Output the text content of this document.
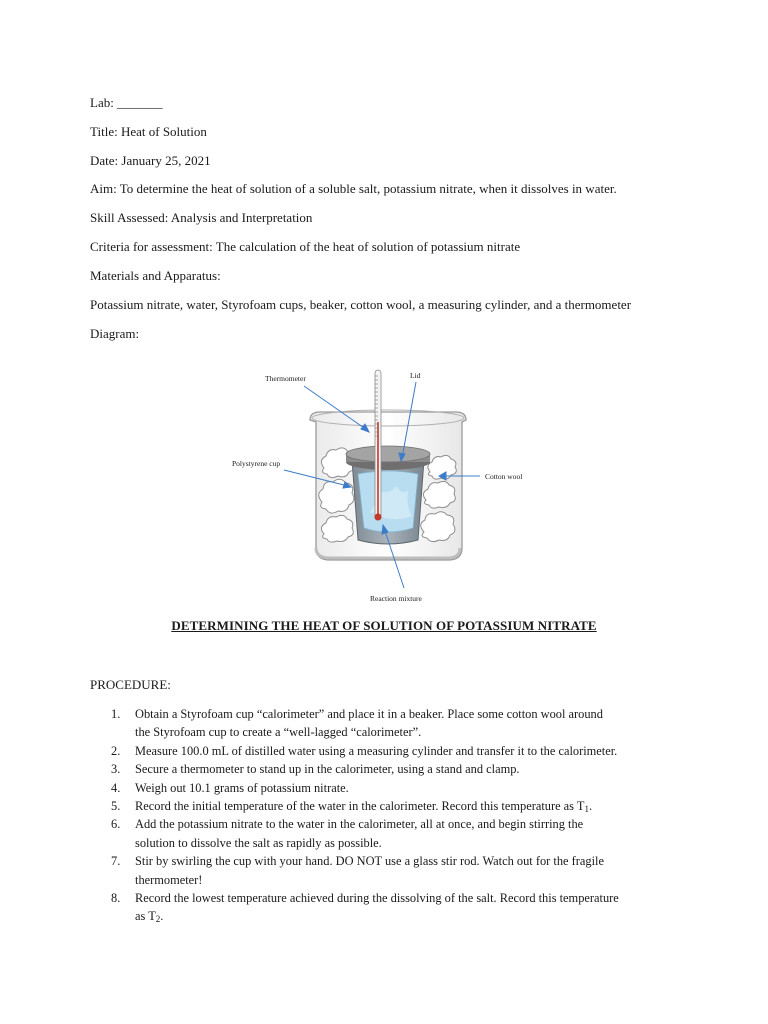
Lab: _______
Title: Heat of Solution
Date: January 25, 2021
Aim: To determine the heat of solution of a soluble salt, potassium nitrate, when it dissolves in water.
Skill Assessed: Analysis and Interpretation
Criteria for assessment: The calculation of the heat of solution of potassium nitrate
Materials and Apparatus:
Potassium nitrate, water, Styrofoam cups, beaker, cotton wool, a measuring cylinder, and a thermometer
Diagram:
Thermometer	Lid
Polystyrene cup
Cotton wool
Reaction mixture
DETERMINING THE HEAT OF SOLUTION OF POTASSIUM NITRATE
PROCEDURE:
1. Obtain a Styrofoam cup “calorimeter” and place it in a beaker. Place some cotton wool around
the Styrofoam cup to create a “well-lagged “calorimeter”.
2. Measure 100.0 mL of distilled water using a measuring cylinder and transfer it to the calorimeter.
3. Secure a thermometer to stand up in the calorimeter, using a stand and clamp.
4. Weigh out 10.1 grams of potassium nitrate.
5. Record the initial temperature of the water in the calorimeter. Record this temperature as $T_1$.
6. Add the potassium nitrate to the water in the calorimeter, all at once, and begin stirring the
solution to dissolve the salt as rapidly as possible.
7. Stir by swirling the cup with your hand. DO NOT use a glass stir rod. Watch out for the fragile
thermometer!
8. Record the lowest temperature achieved during the dissolving of the salt. Record this temperature
as $T_2$.
